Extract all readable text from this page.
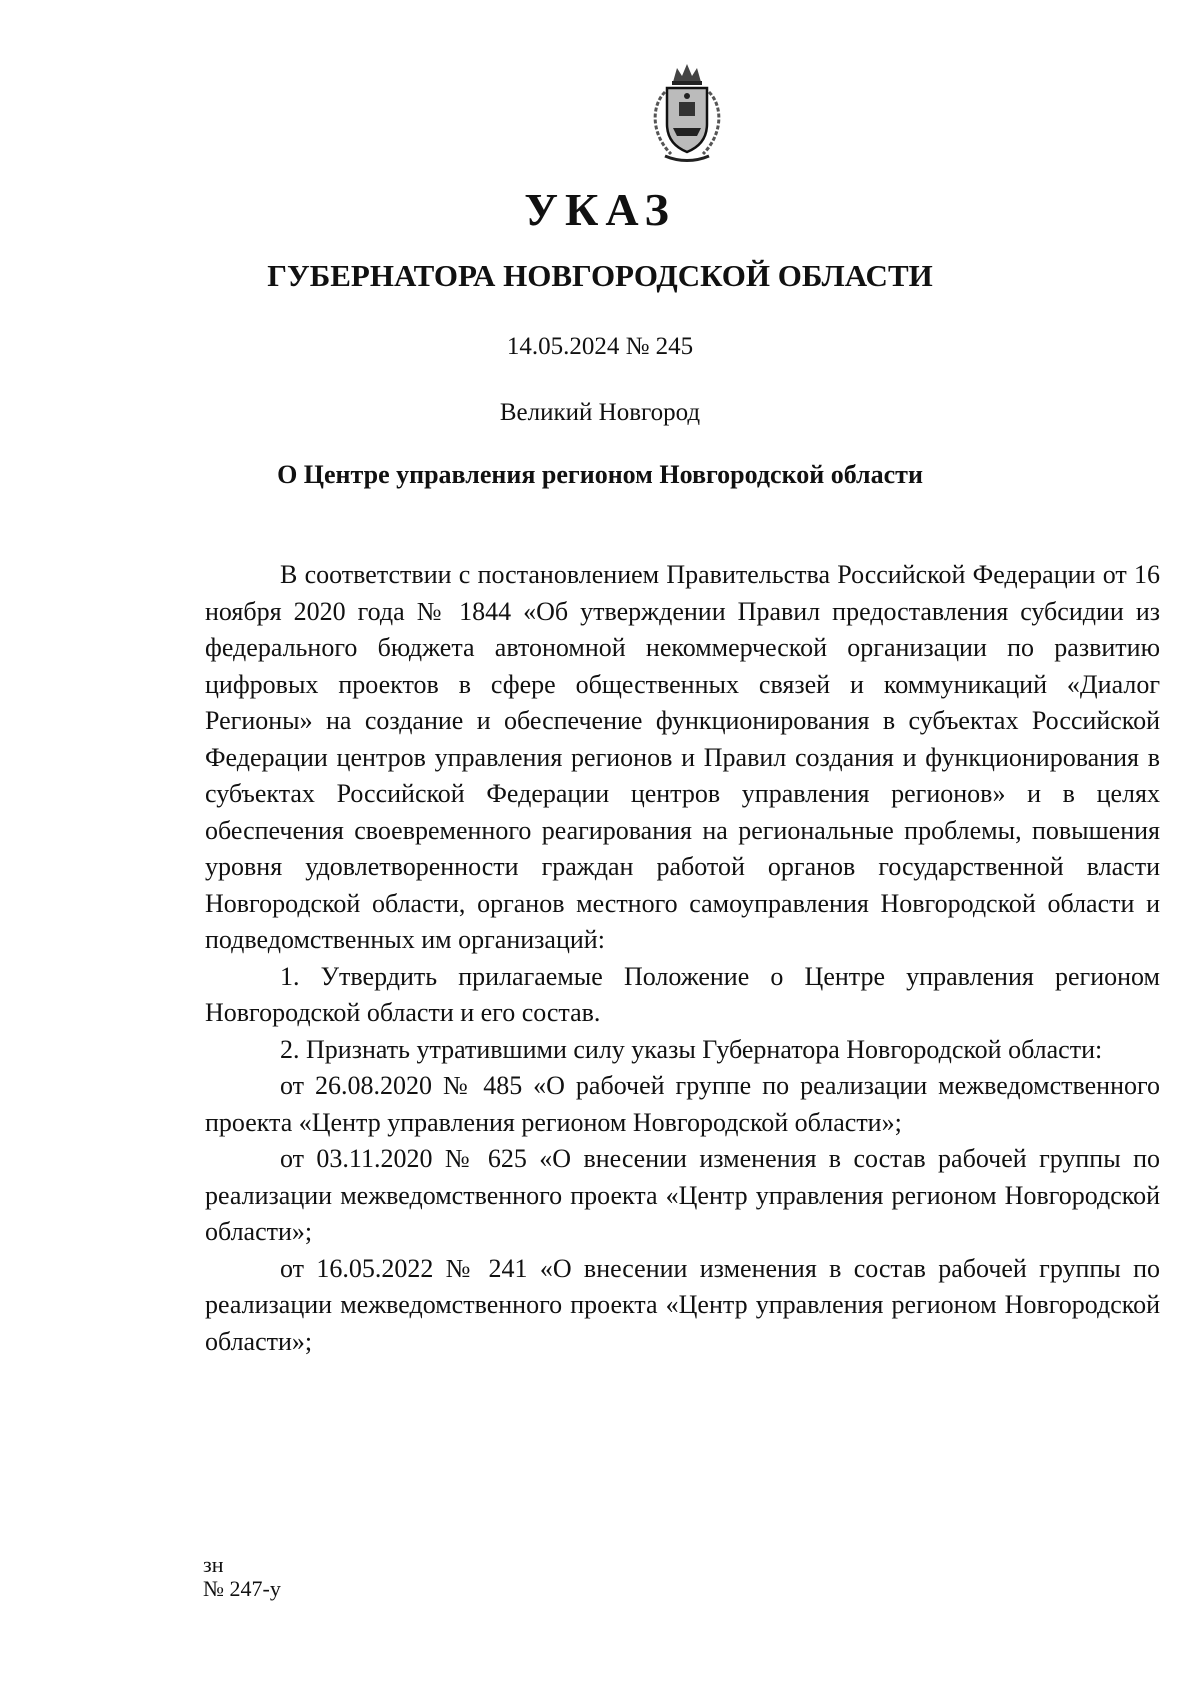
УКАЗ
ГУБЕРНАТОРА НОВГОРОДСКОЙ ОБЛАСТИ
14.05.2024 № 245
Великий Новгород
О Центре управления регионом Новгородской области

В соответствии с постановлением Правительства Российской Федерации от 16 ноября 2020 года № 1844 «Об утверждении Правил предоставления субсидии из федерального бюджета автономной некоммерческой организации по развитию цифровых проектов в сфере общественных связей и коммуникаций «Диалог Регионы» на создание и обеспечение функционирования в субъектах Российской Федерации центров управления регионов и Правил создания и функционирования в субъектах Российской Федерации центров управления регионов» и в целях обеспечения своевременного реагирования на региональные проблемы, повышения уровня удовлетворенности граждан работой органов государственной власти Новгородской области, органов местного самоуправления Новгородской области и подведомственных им организаций:

1. Утвердить прилагаемые Положение о Центре управления регионом Новгородской области и его состав.

2. Признать утратившими силу указы Губернатора Новгородской области:

от 26.08.2020 № 485 «О рабочей группе по реализации межведомственного проекта «Центр управления регионом Новгородской области»;

от 03.11.2020 № 625 «О внесении изменения в состав рабочей группы по реализации межведомственного проекта «Центр управления регионом Новгородской области»;

от 16.05.2022 № 241 «О внесении изменения в состав рабочей группы по реализации межведомственного проекта «Центр управления регионом Новгородской области»;

зн
№ 247-у
